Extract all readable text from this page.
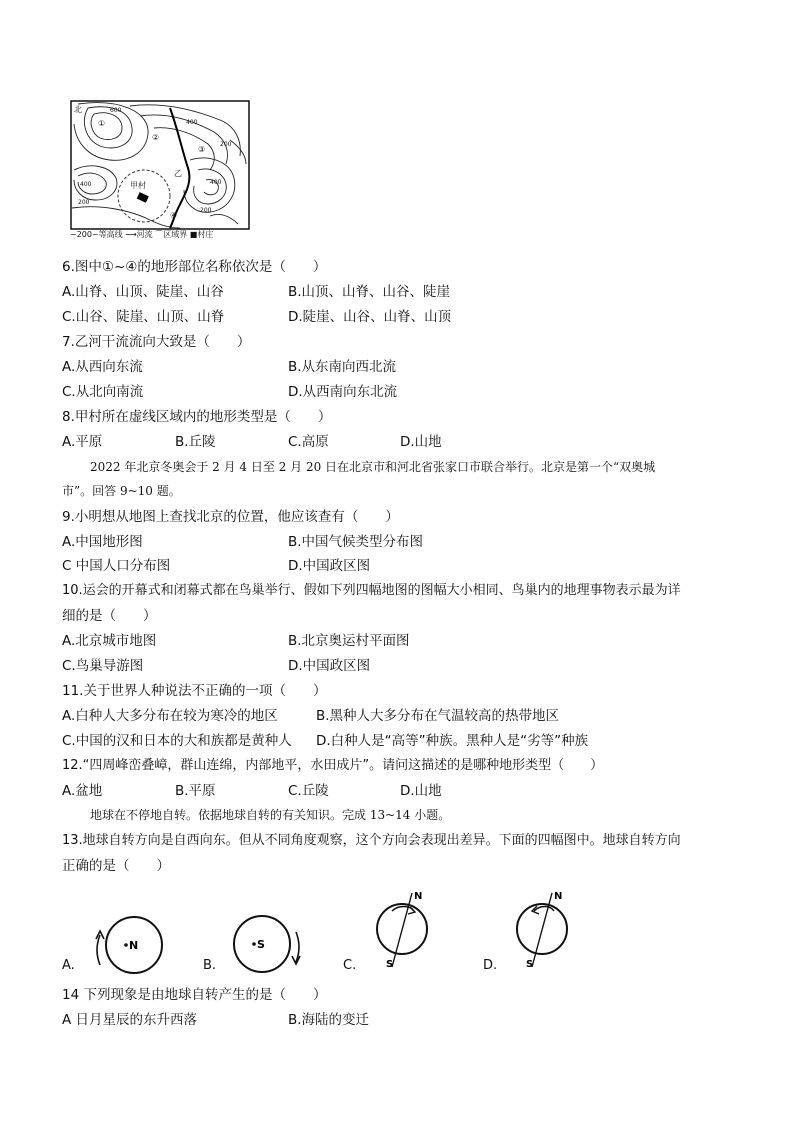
北
①
②
③
④
600
400
200
400
200
400
200
乙
甲村
~200~等高线 ⟶河流 ⌒区域界 ■村庄
6.图中①~④的地形部位名称依次是（　　）
A.山脊、山顶、陡崖、山谷	B.山顶、山脊、山谷、陡崖
C.山谷、陡崖、山顶、山脊	D.陡崖、山谷、山脊、山顶
7.乙河干流流向大致是（　　）
A.从西向东流	B.从东南向西北流
C.从北向南流	D.从西南向东北流
8.甲村所在虚线区域内的地形类型是（　　）
A.平原	B.丘陵	C.高原	D.山地
2022 年北京冬奥会于 2 月 4 日至 2 月 20 日在北京市和河北省张家口市联合举行。北京是第一个“双奥城
市”。回答 9~10 题。
9.小明想从地图上查找北京的位置，他应该查有（　　）
A.中国地形图	B.中国气候类型分布图
C 中国人口分布图	D.中国政区图
10.运会的开幕式和闭幕式都在鸟巢举行、假如下列四幅地图的图幅大小相同、鸟巢内的地理事物表示最为详
细的是（　　）
A.北京城市地图	B.北京奥运村平面图
C.鸟巢导游图	D.中国政区图
11.关于世界人种说法不正确的一项（　　）
A.白种人大多分布在较为寒冷的地区	B.黑种人大多分布在气温较高的热带地区
C.中国的汉和日本的大和族都是黄种人 D.白种人是“高等”种族。黑种人是“劣等”种族
12.“四周峰峦叠嶂，群山连绵，内部地平，水田成片”。请问这描述的是哪种地形类型（　　）
A.盆地	B.平原	C.丘陵	D.山地
地球在不停地自转。依据地球自转的有关知识。完成 13~14 小题。
13.地球自转方向是自西向东。但从不同角度观察，这个方向会表现出差异。下面的四幅图中。地球自转方向
正确的是（　　）
N
A.
S
B.
N
S
C.
N
S
D.
14 下列现象是由地球自转产生的是（　　）
A 日月星辰的东升西落	B.海陆的变迁
